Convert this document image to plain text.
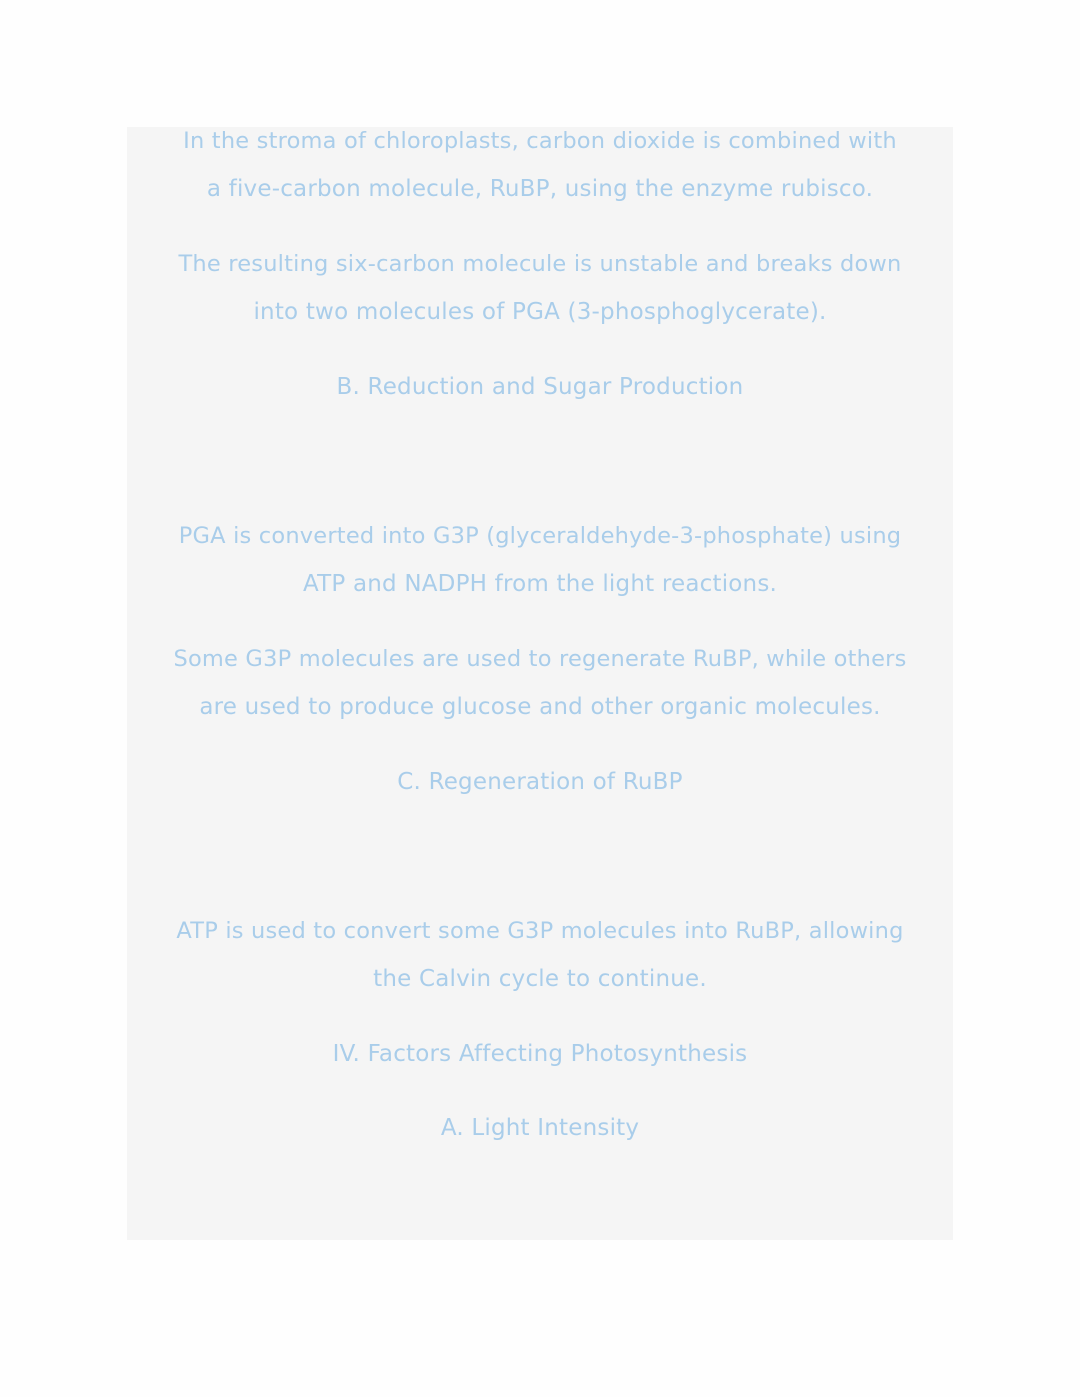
In the stroma of chloroplasts, carbon dioxide is combined with
a five-carbon molecule, RuBP, using the enzyme rubisco.
The resulting six-carbon molecule is unstable and breaks down
into two molecules of PGA (3-phosphoglycerate).
B. Reduction and Sugar Production
PGA is converted into G3P (glyceraldehyde-3-phosphate) using
ATP and NADPH from the light reactions.
Some G3P molecules are used to regenerate RuBP, while others
are used to produce glucose and other organic molecules.
C. Regeneration of RuBP
ATP is used to convert some G3P molecules into RuBP, allowing
the Calvin cycle to continue.
IV. Factors Affecting Photosynthesis
A. Light Intensity
